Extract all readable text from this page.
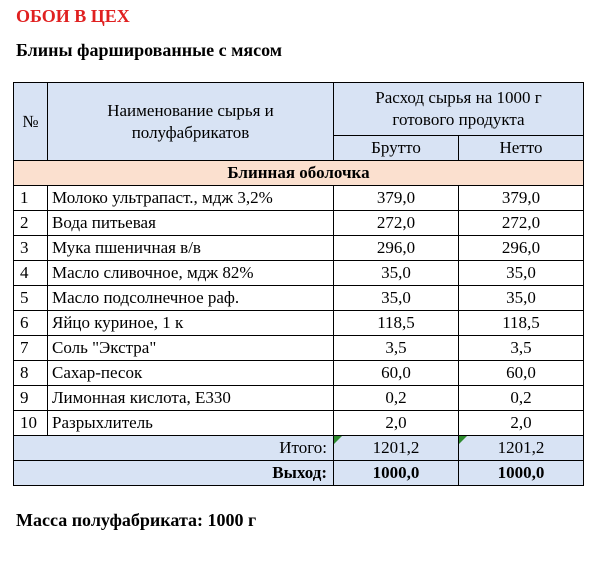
ОБОИ В ЦЕХ
Блины фаршированные с мясом
№	Наименование сырья и полуфабрикатов	Расход сырья на 1000 г готового продукта	
		Брутто	Нетто
Блинная оболочка			
1	Молоко ультрапаст., мдж 3,2%	379,0	379,0
2	Вода питьевая	272,0	272,0
3	Мука пшеничная в/в	296,0	296,0
4	Масло сливочное, мдж 82%	35,0	35,0
5	Масло подсолнечное раф.	35,0	35,0
6	Яйцо куриное, 1 к	118,5	118,5
7	Соль "Экстра"	3,5	3,5
8	Сахар-песок	60,0	60,0
9	Лимонная кислота, Е330	0,2	0,2
10	Разрыхлитель	2,0	2,0
Итого:		1201,2	1201,2

Выход:		1000,0	1000,0
Масса полуфабриката: 1000 г
